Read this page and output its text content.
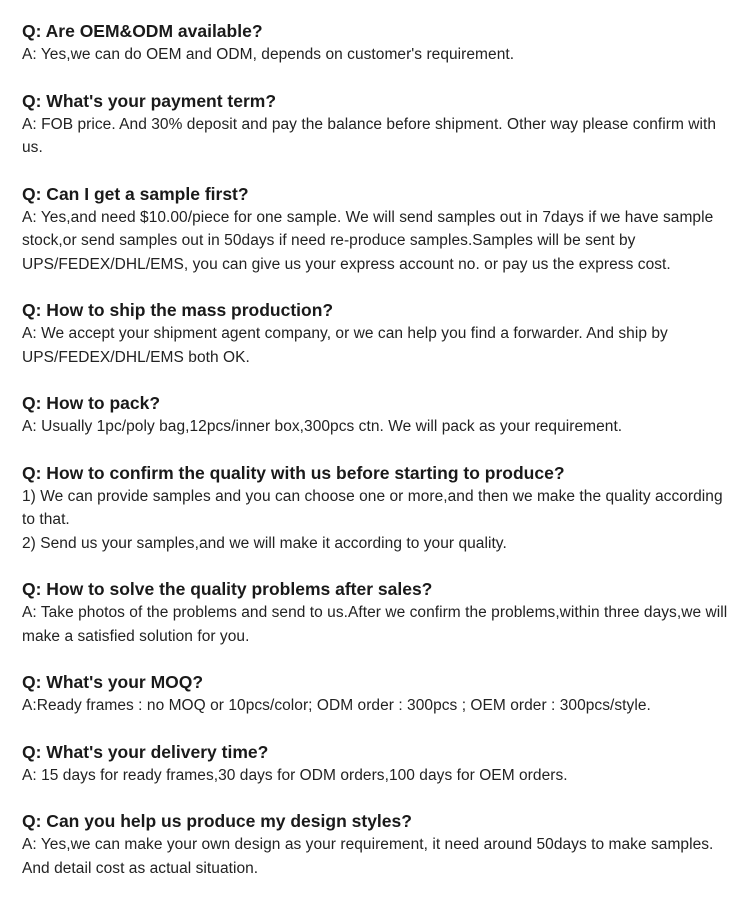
Q: Are OEM&ODM available?
A: Yes,we can do OEM and ODM, depends on customer's requirement.
Q: What's your payment term?
A: FOB price. And 30% deposit and pay the balance before shipment. Other way please confirm with us.
Q: Can I get a sample first?
A: Yes,and need $10.00/piece for one sample. We will send samples out in 7days if we have sample stock,or send samples out in 50days if need re-produce samples.Samples will be sent by UPS/FEDEX/DHL/EMS, you can give us your express account no. or pay us the express cost.
Q: How to ship the mass production?
A: We accept your shipment agent company, or we can help you find a forwarder. And ship by UPS/FEDEX/DHL/EMS both OK.
Q: How to pack?
A: Usually 1pc/poly bag,12pcs/inner box,300pcs ctn. We will pack as your requirement.
Q: How to confirm the quality with us before starting to produce?
1) We can provide samples and you can choose one or more,and then we make the quality according to that.
2) Send us your samples,and we will make it according to your quality.
Q: How to solve the quality problems after sales?
A: Take photos of the problems and send to us.After we confirm the problems,within three days,we will make a satisfied solution for you.
Q: What's your MOQ?
A:Ready frames : no MOQ or 10pcs/color; ODM order : 300pcs ; OEM order : 300pcs/style.
Q: What's your delivery time?
A: 15 days for ready frames,30 days for ODM orders,100 days for OEM orders.
Q: Can you help us produce my design styles?
A: Yes,we can make your own design as your requirement, it need around 50days to make samples. And detail cost as actual situation.
